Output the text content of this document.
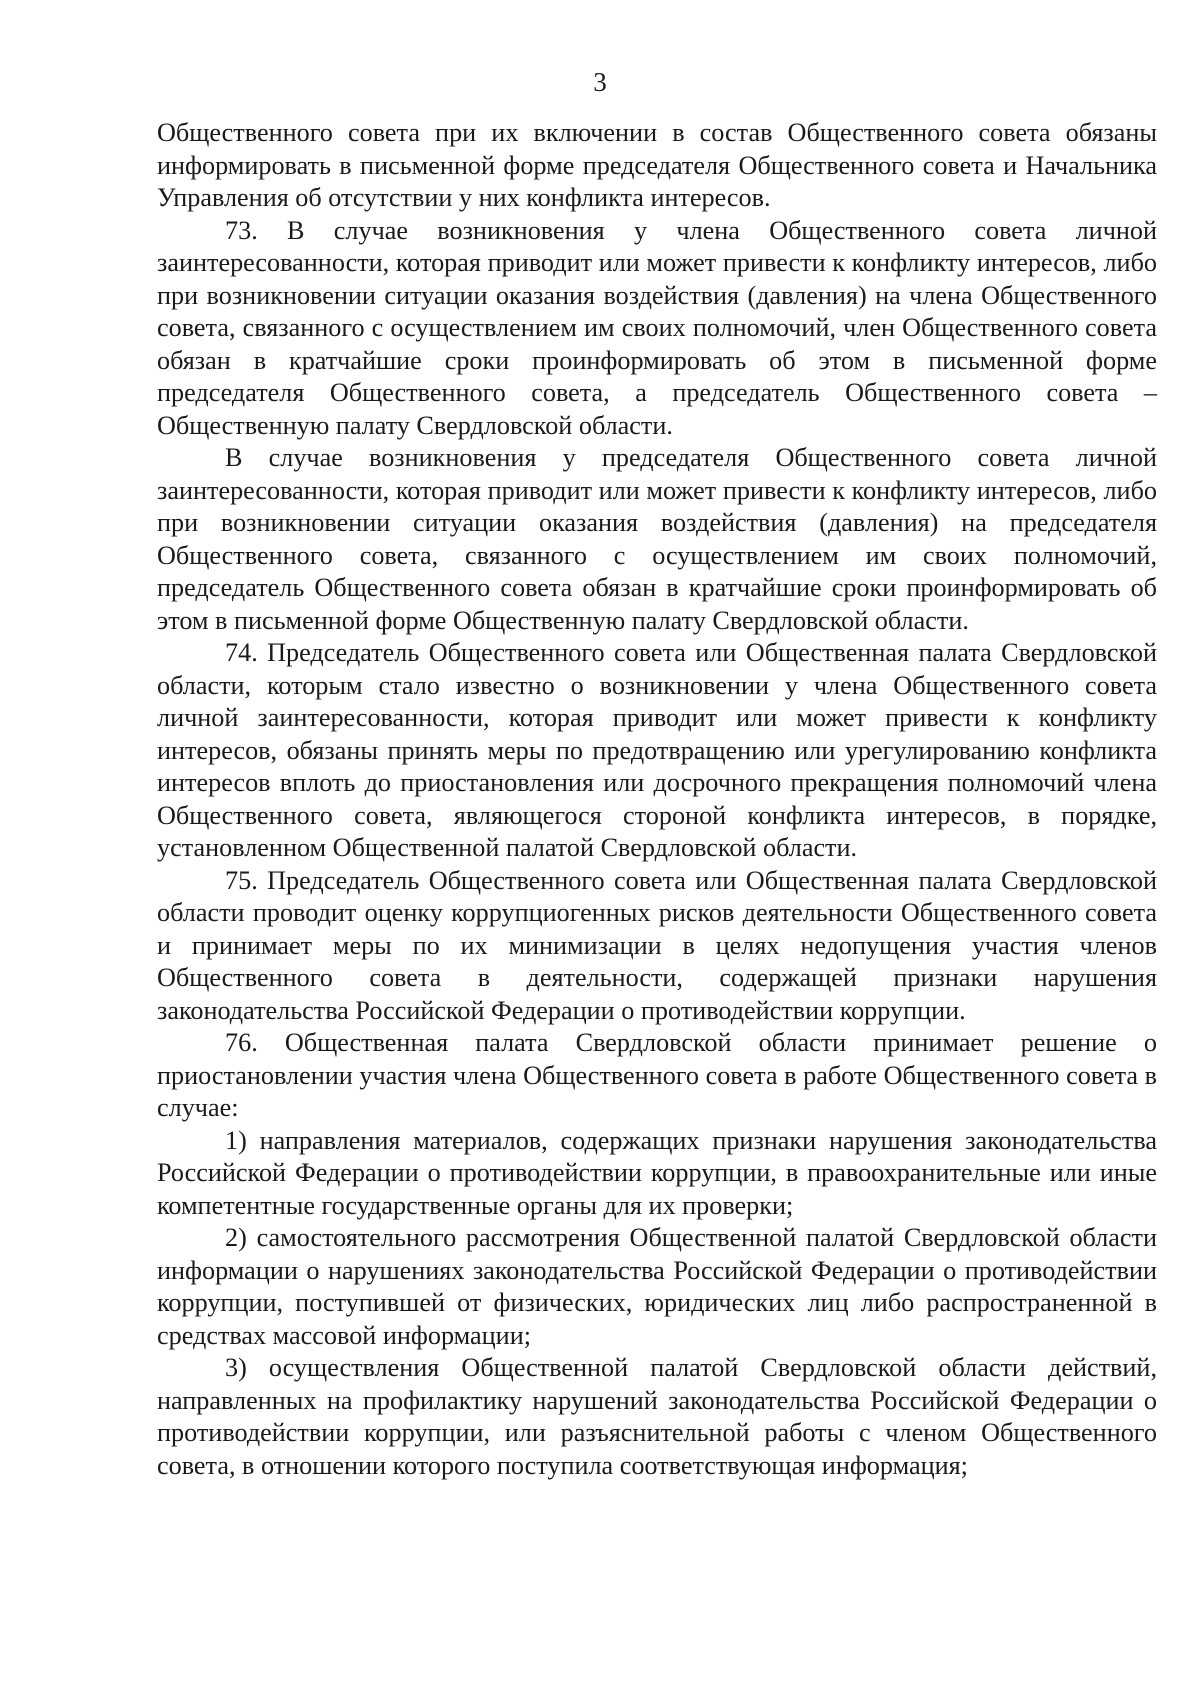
3

Общественного совета при их включении в состав Общественного совета обязаны информировать в письменной форме председателя Общественного совета и Начальника Управления об отсутствии у них конфликта интересов.

73. В случае возникновения у члена Общественного совета личной заинтересованности, которая приводит или может привести к конфликту интересов, либо при возникновении ситуации оказания воздействия (давления) на члена Общественного совета, связанного с осуществлением им своих полномочий, член Общественного совета обязан в кратчайшие сроки проинформировать об этом в письменной форме председателя Общественного совета, а председатель Общественного совета – Общественную палату Свердловской области.

В случае возникновения у председателя Общественного совета личной заинтересованности, которая приводит или может привести к конфликту интересов, либо при возникновении ситуации оказания воздействия (давления) на председателя Общественного совета, связанного с осуществлением им своих полномочий, председатель Общественного совета обязан в кратчайшие сроки проинформировать об этом в письменной форме Общественную палату Свердловской области.

74. Председатель Общественного совета или Общественная палата Свердловской области, которым стало известно о возникновении у члена Общественного совета личной заинтересованности, которая приводит или может привести к конфликту интересов, обязаны принять меры по предотвращению или урегулированию конфликта интересов вплоть до приостановления или досрочного прекращения полномочий члена Общественного совета, являющегося стороной конфликта интересов, в порядке, установленном Общественной палатой Свердловской области.

75. Председатель Общественного совета или Общественная палата Свердловской области проводит оценку коррупциогенных рисков деятельности Общественного совета и принимает меры по их минимизации в целях недопущения участия членов Общественного совета в деятельности, содержащей признаки нарушения законодательства Российской Федерации о противодействии коррупции.

76. Общественная палата Свердловской области принимает решение о приостановлении участия члена Общественного совета в работе Общественного совета в случае:

1) направления материалов, содержащих признаки нарушения законодательства Российской Федерации о противодействии коррупции, в правоохранительные или иные компетентные государственные органы для их проверки;

2) самостоятельного рассмотрения Общественной палатой Свердловской области информации о нарушениях законодательства Российской Федерации о противодействии коррупции, поступившей от физических, юридических лиц либо распространенной в средствах массовой информации;

3) осуществления Общественной палатой Свердловской области действий, направленных на профилактику нарушений законодательства Российской Федерации о противодействии коррупции, или разъяснительной работы с членом Общественного совета, в отношении которого поступила соответствующая информация;
